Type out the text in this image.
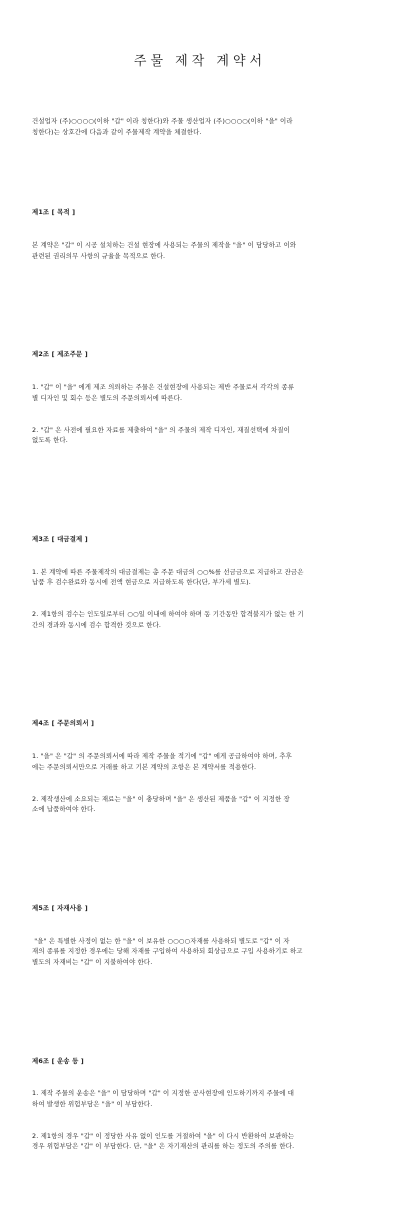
주물 제작 계약서

건설업자 (주)○○○○(이하 "갑" 이라 칭한다)와 주물 생산업자 (주)○○○○(이하 "을" 이라
칭한다)는 상호간에 다음과 같이 주물제작 계약을 체결한다.

제1조 [ 목적 ]

본 계약은 "갑" 이 시공 설치하는 건설 현장에 사용되는 주물의 제작을 "을" 이 담당하고 이와
관련된 권리의무 사항의 규율을 목적으로 한다.

제2조 [ 제조주문 ]

1. "갑" 이 "을" 에게 제조 의뢰하는 주물은 건설현장에 사용되는 제반 주물로서 각각의 종류
별 디자인 및 회수 등은 별도의 주문의뢰서에 따른다.

2. "갑" 은 사전에 필요한 자료를 제출하여 "을" 의 주물의 제작 디자인, 재질선택에 차질이
없도록 한다.

제3조 [ 대금결제 ]

1. 본 계약에 따른 주물제작의 대금결제는 총 주문 대금의 ○○%를 선금금으로 지급하고 잔금은
납품 후 검수완료와 동시에 전액 현금으로 지급하도록 한다(단, 부가세 별도).

2. 제1항의 검수는 인도일로부터 ○○일 이내에 하여야 하며 동 기간동안 합격불지가 없는 한 기
간의 경과와 동시에 검수 합격한 것으로 한다.

제4조 [ 주문의뢰서 ]

1. "을" 은 "갑" 의 주문의뢰서에 따라 제작 주물을 적기에 "갑" 에게 공급하여야 하며, 추후
에는 주문의뢰서만으로 거래를 하고 기본 계약의 조항은 본 계약서를 적용한다.

2. 제작생산에 소요되는 재료는 "을" 이 충당하며 "을" 은 생산된 제품을 "갑" 이 지정한 장
소에 납품하여야 한다.

제5조 [ 자재사용 ]

"을" 은 특별한 사정이 없는 한 "을" 이 보유한 ○○○○자재를 사용하되 별도로 "갑" 이 자
재의 종류를 지정한 경우에는 당해 자재를 구입하여 사용하되 회상급으로 구입 사용하기로 하고
별도의 자재비는 "갑" 이 지불하여야 한다.

제6조 [ 운송 등 ]

1. 제작 주물의 운송은 "을" 이 담당하며 "갑" 이 지정한 공사현장에 인도하기까지 주물에 대
하여 발생한 위험부담은 "을" 이 부담한다.

2. 제1항의 경우 "갑" 이 정당한 사유 없이 인도를 거절하여 "을" 이 다시 반환하여 보관하는
경우 위험부담은 "갑" 이 부담한다. 단, "을" 은 자기재산의 관리를 하는 정도의 주의를 한다.
